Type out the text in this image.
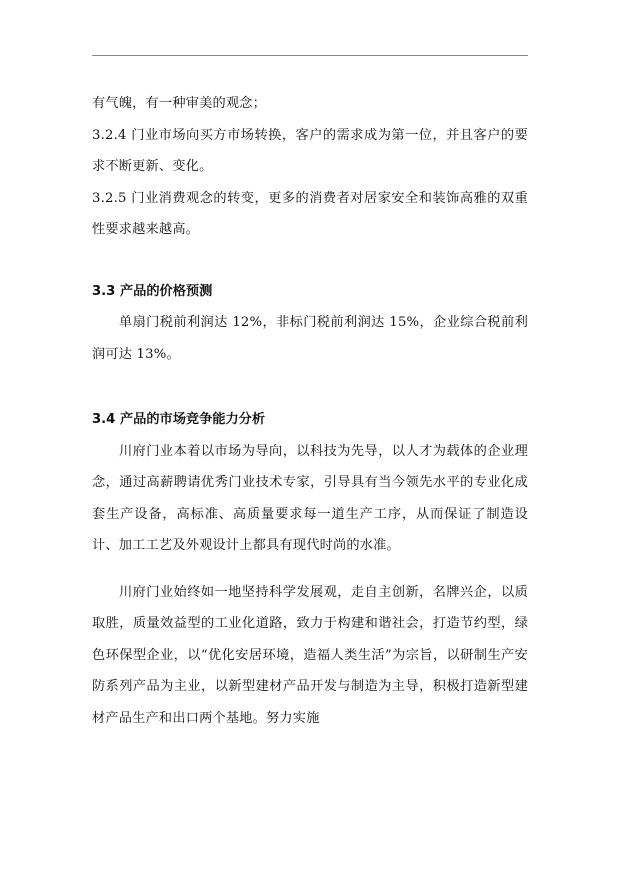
有气魄，有一种审美的观念；

3.2.4 门业市场向买方市场转换，客户的需求成为第一位，并且客户的要求不断更新、变化。

3.2.5 门业消费观念的转变，更多的消费者对居家安全和装饰高雅的双重性要求越来越高。

3.3 产品的价格预测

单扇门税前利润达 12%，非标门税前利润达 15%，企业综合税前利润可达 13%。

3.4 产品的市场竞争能力分析

川府门业本着以市场为导向，以科技为先导，以人才为载体的企业理念，通过高薪聘请优秀门业技术专家，引导具有当今领先水平的专业化成套生产设备，高标准、高质量要求每一道生产工序，从而保证了制造设计、加工工艺及外观设计上都具有现代时尚的水准。

川府门业始终如一地坚持科学发展观，走自主创新，名牌兴企，以质取胜，质量效益型的工业化道路，致力于构建和谐社会，打造节约型，绿色环保型企业，以“优化安居环境，造福人类生活”为宗旨，以研制生产安防系列产品为主业，以新型建材产品开发与制造为主导，积极打造新型建材产品生产和出口两个基地。努力实施
